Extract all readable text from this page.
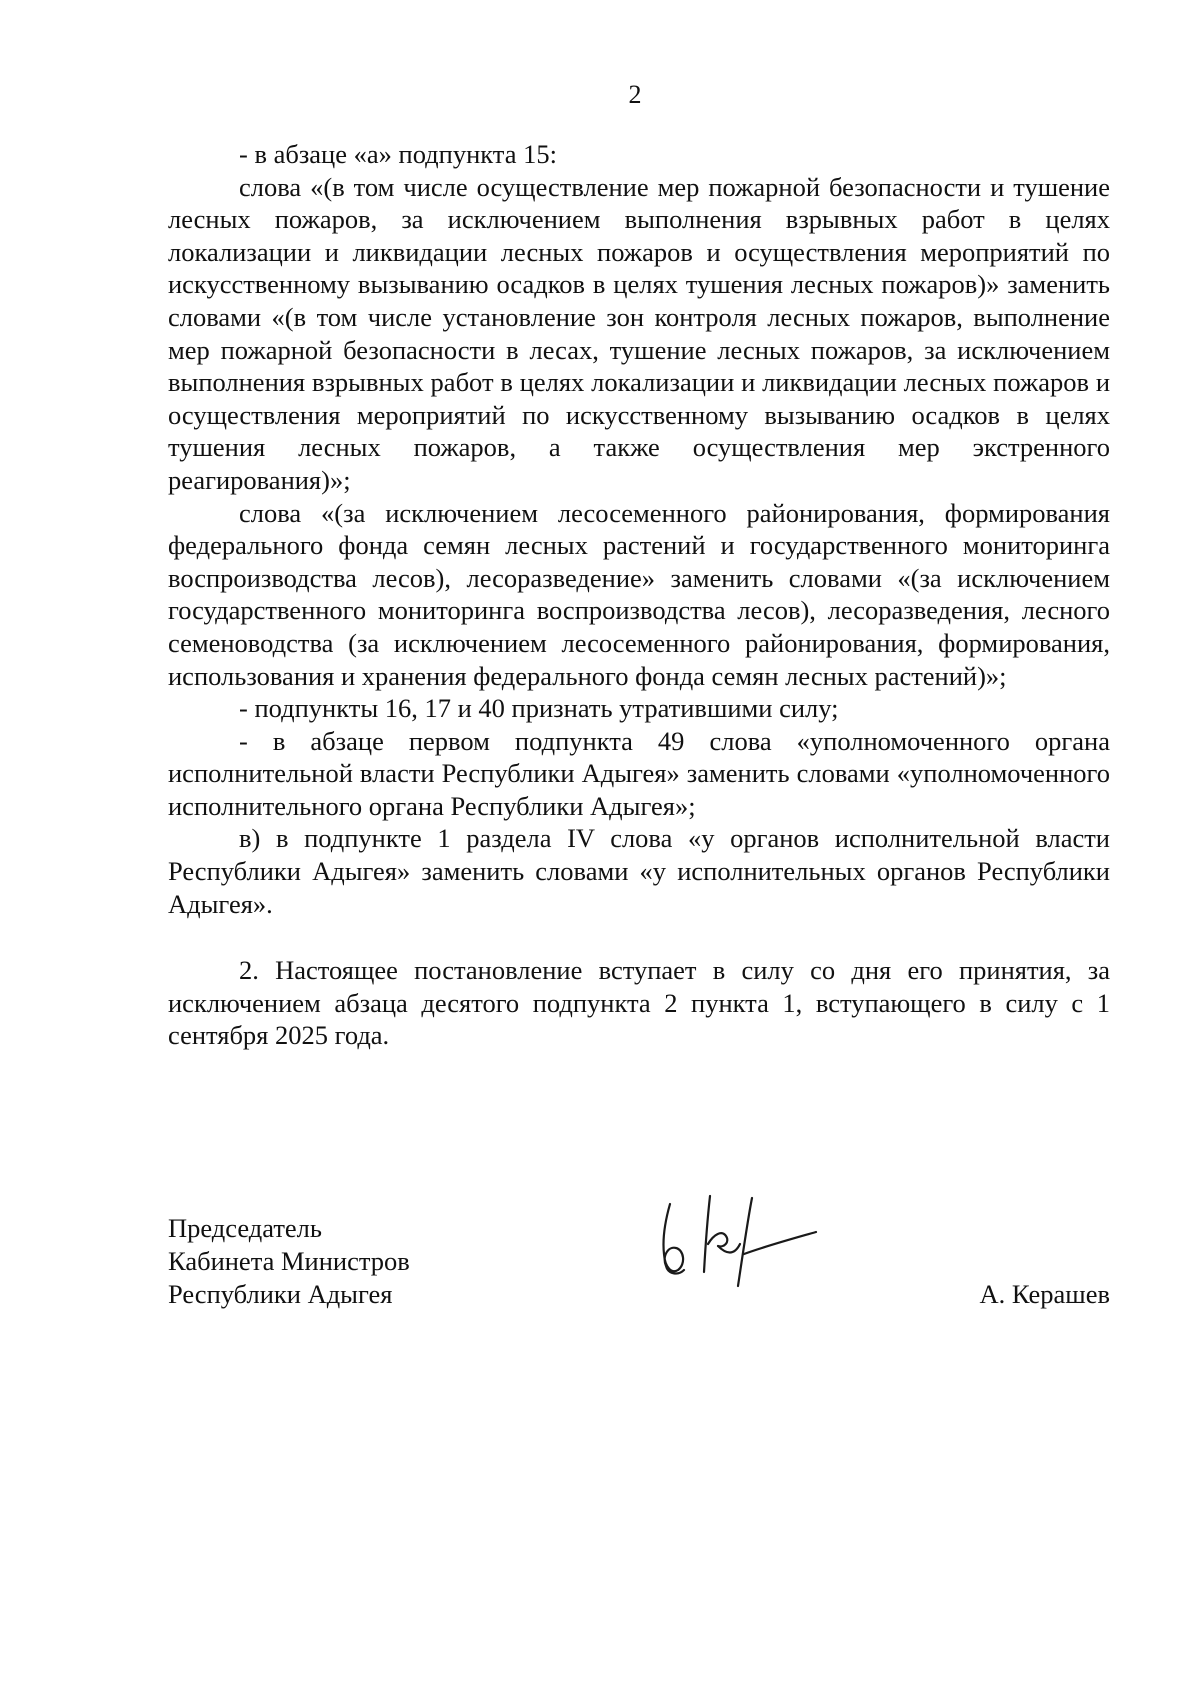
2

- в абзаце «а» подпункта 15:

слова «(в том числе осуществление мер пожарной безопасности и тушение лесных пожаров, за исключением выполнения взрывных работ в целях локализации и ликвидации лесных пожаров и осуществления мероприятий по искусственному вызыванию осадков в целях тушения лесных пожаров)» заменить словами «(в том числе установление зон контроля лесных пожаров, выполнение мер пожарной безопасности в лесах, тушение лесных пожаров, за исключением выполнения взрывных работ в целях локализации и ликвидации лесных пожаров и осуществления мероприятий по искусственному вызыванию осадков в целях тушения лесных пожаров, а также осуществления мер экстренного реагирования)»;

слова «(за исключением лесосеменного районирования, формирования федерального фонда семян лесных растений и государственного мониторинга воспроизводства лесов), лесоразведение» заменить словами «(за исключением государственного мониторинга воспроизводства лесов), лесоразведения, лесного семеноводства (за исключением лесосеменного районирования, формирования, использования и хранения федерального фонда семян лесных растений)»;

- подпункты 16, 17 и 40 признать утратившими силу;

- в абзаце первом подпункта 49 слова «уполномоченного органа исполнительной власти Республики Адыгея» заменить словами «уполномоченного исполнительного органа Республики Адыгея»;

в) в подпункте 1 раздела IV слова «у органов исполнительной власти Республики Адыгея» заменить словами «у исполнительных органов Республики Адыгея».

2. Настоящее постановление вступает в силу со дня его принятия, за исключением абзаца десятого подпункта 2 пункта 1, вступающего в силу с 1 сентября 2025 года.

Председатель
Кабинета Министров
Республики Адыгея	А. Керашев
